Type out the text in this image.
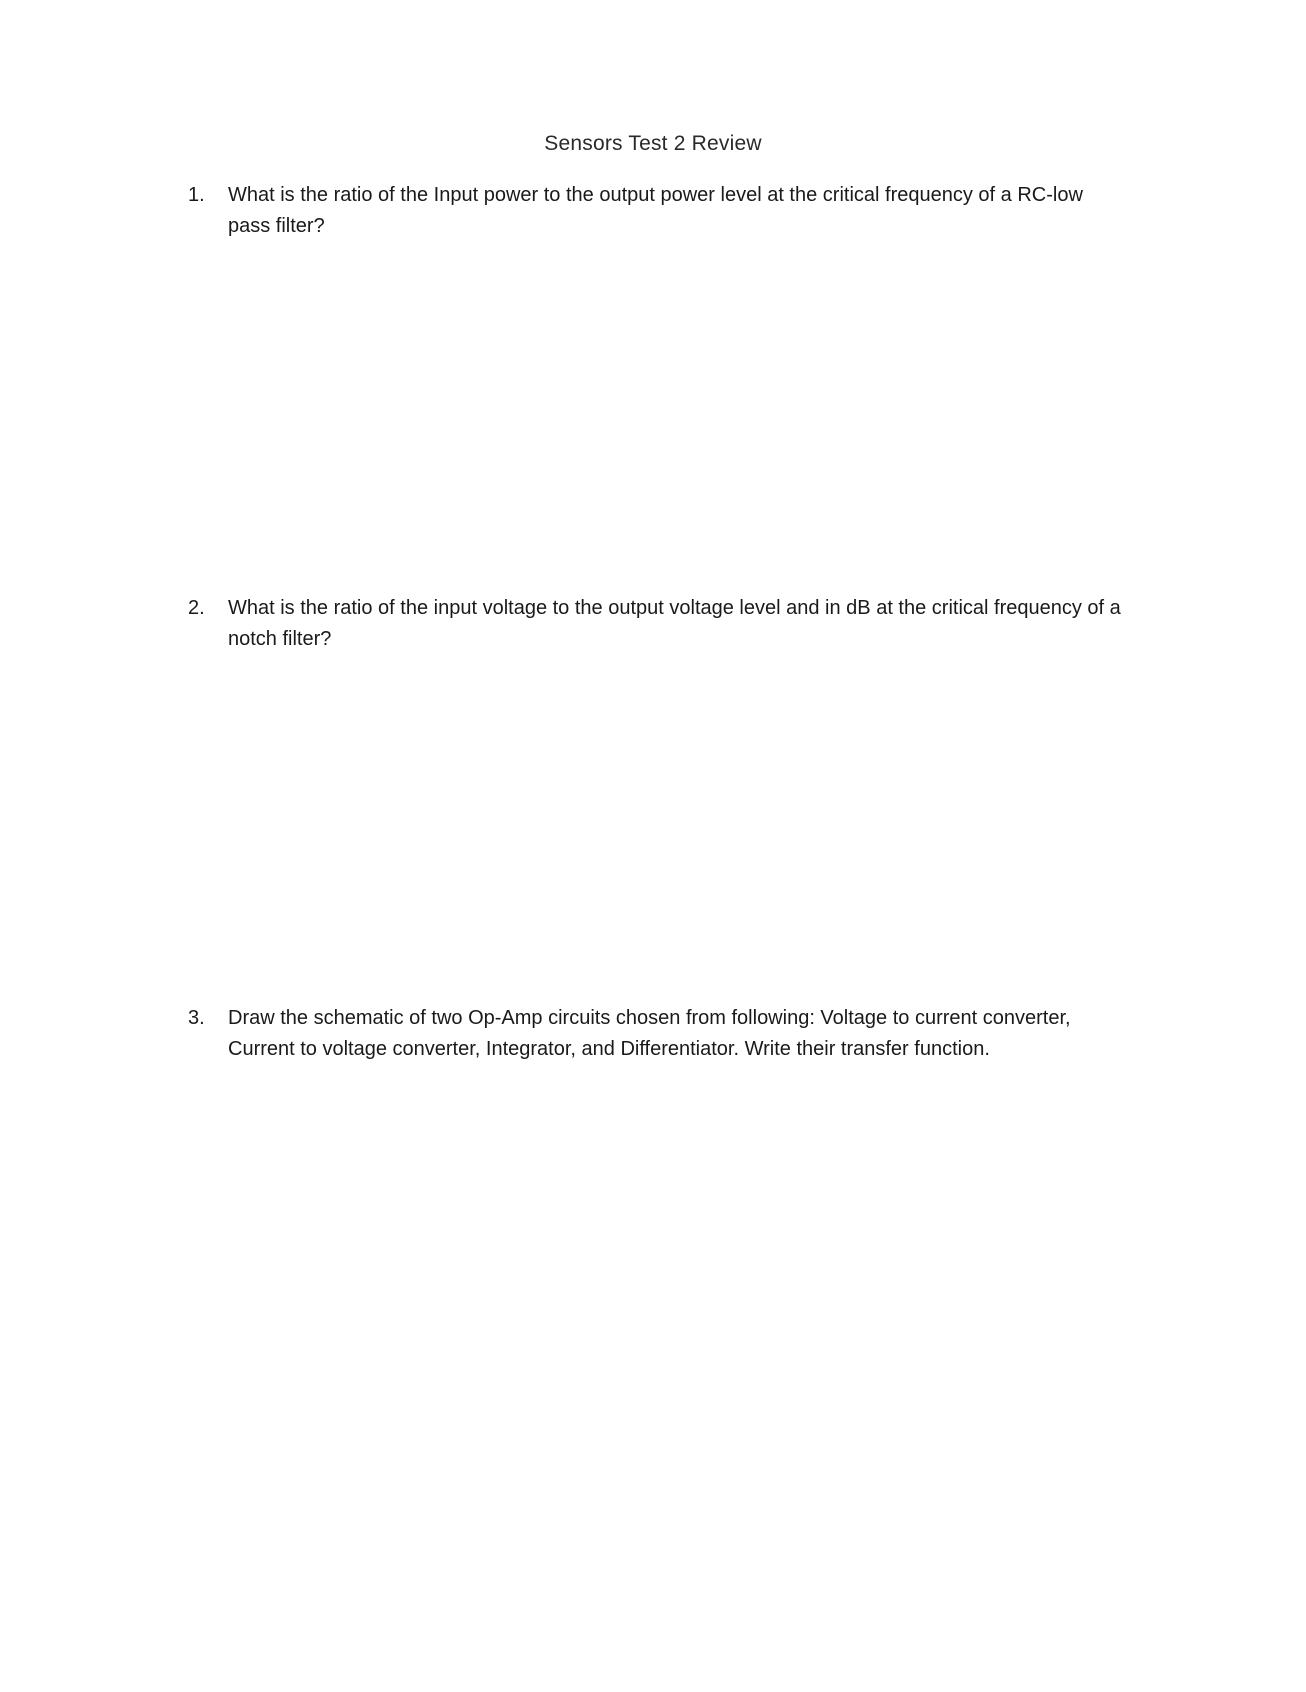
Sensors Test 2 Review
1.	What is the ratio of the Input power to the output power level at the critical frequency of a RC-low pass filter?
2.	What is the ratio of the input voltage to the output voltage level and in dB at the critical frequency of a notch filter?
3.	Draw the schematic of two Op-Amp circuits chosen from following: Voltage to current converter, Current to voltage converter, Integrator, and Differentiator. Write their transfer function.
